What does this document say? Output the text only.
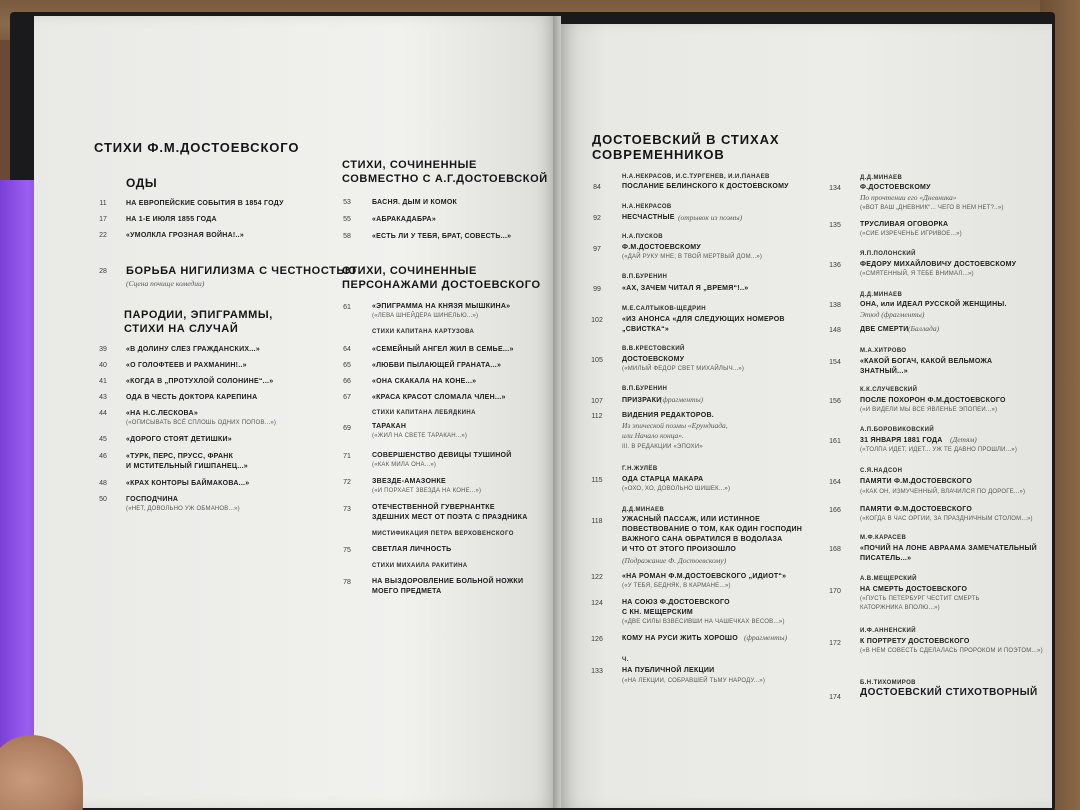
СТИХИ Ф.М.ДОСТОЕВСКОГО
ОДЫ
11	НА ЕВРОПЕЙСКИЕ СОБЫТИЯ В 1854 ГОДУ
17	НА 1-Е ИЮЛЯ 1855 ГОДА
22	«УМОЛКЛА ГРОЗНАЯ ВОЙНА!..»
28	БОРЬБА НИГИЛИЗМА С ЧЕСТНОСТЬЮ
(Сцена почище комедии)
ПАРОДИИ, ЭПИГРАММЫ,
СТИХИ НА СЛУЧАЙ
39	«В ДОЛИНУ СЛЕЗ ГРАЖДАНСКИХ...»
40	«О ГОЛОФТЕЕВ И РАХМАНИН!..»
41	«КОГДА В „ПРОТУХЛОЙ СОЛОНИНЕ“...»
43	ОДА В ЧЕСТЬ ДОКТОРА КАРЕПИНА
44	«НА Н.С.ЛЕСКОВА»
(«ОПИСЫВАТЬ ВСЁ СПЛОШЬ ОДНИХ ПОПОВ...»)
45	«ДОРОГО СТОЯТ ДЕТИШКИ»
46	«ТУРК, ПЕРС, ПРУСС, ФРАНК
И МСТИТЕЛЬНЫЙ ГИШПАНЕЦ...»
48	«КРАХ КОНТОРЫ БАЙМАКОВА...»
50	ГОСПОДЧИНА
(«НЕТ, ДОВОЛЬНО УЖ ОБМАНОВ...»)
СТИХИ, СОЧИНЕННЫЕ
СОВМЕСТНО С А.Г.ДОСТОЕВСКОЙ
53	БАСНЯ. ДЫМ И КОМОК
55	«АБРАКАДАБРА»
58	«ЕСТЬ ЛИ У ТЕБЯ, БРАТ, СОВЕСТЬ...»
СТИХИ, СОЧИНЕННЫЕ
ПЕРСОНАЖАМИ ДОСТОЕВСКОГО
61	«ЭПИГРАММА НА КНЯЗЯ МЫШКИНА»
(«ЛЕВА ШНЕЙДЕРА ШИНЕЛЬЮ...»)
СТИХИ КАПИТАНА КАРТУЗОВА
64	«СЕМЕЙНЫЙ АНГЕЛ ЖИЛ В СЕМЬЕ...»
65	«ЛЮБВИ ПЫЛАЮЩЕЙ ГРАНАТА...»
66	«ОНА СКАКАЛА НА КОНЕ...»
67	«КРАСА КРАСОТ СЛОМАЛА ЧЛЕН...»
СТИХИ КАПИТАНА ЛЕБЯДКИНА
69	ТАРАКАН
(«ЖИЛ НА СВЕТЕ ТАРАКАН...»)
71	СОВЕРШЕНСТВО ДЕВИЦЫ ТУШИНОЙ
(«КАК МИЛА ОНА...»)
72	ЗВЕЗДЕ-АМАЗОНКЕ
(«И ПОРХАЕТ ЗВЕЗДА НА КОНЕ...»)
73	ОТЕЧЕСТВЕННОЙ ГУВЕРНАНТКЕ
ЗДЕШНИХ МЕСТ ОТ ПОЭТА С ПРАЗДНИКА
МИСТИФИКАЦИЯ ПЕТРА ВЕРХОВЕНСКОГО
75	СВЕТЛАЯ ЛИЧНОСТЬ
СТИХИ МИХАИЛА РАКИТИНА
78	НА ВЫЗДОРОВЛЕНИЕ БОЛЬНОЙ НОЖКИ
МОЕГО ПРЕДМЕТА
ДОСТОЕВСКИЙ В СТИХАХ
СОВРЕМЕННИКОВ
Н.А.НЕКРАСОВ, И.С.ТУРГЕНЕВ, И.И.ПАНАЕВ
84	ПОСЛАНИЕ БЕЛИНСКОГО К ДОСТОЕВСКОМУ
Н.А.НЕКРАСОВ
92	НЕСЧАСТНЫЕ (отрывок из поэмы)
Н.А.ПУСКОВ
97	Ф.М.ДОСТОЕВСКОМУ
(«ДАЙ РУКУ МНЕ; В ТВОЙ МЕРТВЫЙ ДОМ...»)
В.П.БУРЕНИН
99	«АХ, ЗАЧЕМ ЧИТАЛ Я „ВРЕМЯ“!..»
М.Е.САЛТЫКОВ-ЩЕДРИН
102	«ИЗ АНОНСА «ДЛЯ СЛЕДУЮЩИХ НОМЕРОВ
„СВИСТКА“»
В.В.КРЕСТОВСКИЙ
105	ДОСТОЕВСКОМУ
(«МИЛЫЙ ФЕДОР СВЕТ МИХАЙЛЫЧ...»)
В.П.БУРЕНИН
107	ПРИЗРАКИ
(фрагменты)
112	ВИДЕНИЯ РЕДАКТОРОВ.
Из эпической поэмы «Ерундиада,
или Начало конца».
III. В РЕДАКЦИИ «ЭПОХИ»
Г.Н.ЖУЛЁВ
115	ОДА СТАРЦА МАКАРА
(«ОХО, ХО, ДОВОЛЬНО ШИШЕК...»)
Д.Д.МИНАЕВ
118	УЖАСНЫЙ ПАССАЖ, ИЛИ ИСТИННОЕ
ПОВЕСТВОВАНИЕ О ТОМ, КАК ОДИН ГОСПОДИН
ВАЖНОГО САНА ОБРАТИЛСЯ В ВОДОЛАЗА
И ЧТО ОТ ЭТОГО ПРОИЗОШЛО
(Подражание Ф. Достоевскому)
122	«НА РОМАН Ф.М.ДОСТОЕВСКОГО „ИДИОТ“»
(«У ТЕБЯ, БЕДНЯК, В КАРМАНЕ...»)
124	НА СОЮЗ Ф.ДОСТОЕВСКОГО
С КН. МЕЩЕРСКИМ
(«ДВЕ СИЛЫ ВЗВЕСИВШИ НА ЧАШЕЧКАХ ВЕСОВ...»)
126	КОМУ НА РУСИ ЖИТЬ ХОРОШО (фрагменты)
Ч.
133	НА ПУБЛИЧНОЙ ЛЕКЦИИ
(«НА ЛЕКЦИИ, СОБРАВШЕЙ ТЬМУ НАРОДУ...»)
Д.Д.МИНАЕВ
134	Ф.ДОСТОЕВСКОМУ
По прочтении его «Дневника»
(«ВОТ ВАШ „ДНЕВНИК“... ЧЕГО В НЕМ НЕТ?..»)
135	ТРУСЛИВАЯ ОГОВОРКА
(«СИЕ ИЗРЕЧЕНЬЕ ИГРИВОЕ...»)
Я.П.ПОЛОНСКИЙ
136	ФЕДОРУ МИХАЙЛОВИЧУ ДОСТОЕВСКОМУ
(«СМЯТЕННЫЙ, Я ТЕБЕ ВНИМАЛ...»)
Д.Д.МИНАЕВ
138	ОНА, или ИДЕАЛ РУССКОЙ ЖЕНЩИНЫ.
Этюд (фрагменты)
148	ДВЕ СМЕРТИ (Баллада)
М.А.ХИТРОВО
154	«КАКОЙ БОГАЧ, КАКОЙ ВЕЛЬМОЖА
ЗНАТНЫЙ...»
К.К.СЛУЧЕВСКИЙ
156	ПОСЛЕ ПОХОРОН Ф.М.ДОСТОЕВСКОГО
(«И ВИДЕЛИ МЫ ВСЕ ЯВЛЕНЬЕ ЭПОПЕИ...»)
А.П.БОРОВИКОВСКИЙ
161	31 ЯНВАРЯ 1881 ГОДА (Детям)
(«ТОЛПА ИДЕТ, ИДЕТ... УЖ ТЕ ДАВНО ПРОШЛИ...»)
С.Я.НАДСОН
164	ПАМЯТИ Ф.М.ДОСТОЕВСКОГО
(«КАК ОН, ИЗМУЧЕННЫЙ, ВЛАЧИЛСЯ ПО ДОРОГЕ...»)
166	ПАМЯТИ Ф.М.ДОСТОЕВСКОГО
(«КОГДА В ЧАС ОРГИИ, ЗА ПРАЗДНИЧНЫМ СТОЛОМ...»)
М.Ф.КАРАСЕВ
168	«ПОЧИЙ НА ЛОНЕ АВРААМА ЗАМЕЧАТЕЛЬНЫЙ
ПИСАТЕЛЬ...»
А.В.МЕЩЕРСКИЙ
170	НА СМЕРТЬ ДОСТОЕВСКОГО
(«ПУСТЬ ПЕТЕРБУРГ ЧЕСТИТ СМЕРТЬ
КАТОРЖНИКА ВПОЛЮ...»)
И.Ф.АННЕНСКИЙ
172	К ПОРТРЕТУ ДОСТОЕВСКОГО
(«В НЕМ СОВЕСТЬ СДЕЛАЛАСЬ ПРОРОКОМ И ПОЭТОМ...»)
Б.Н.ТИХОМИРОВ
174	ДОСТОЕВСКИЙ СТИХОТВОРНЫЙ
